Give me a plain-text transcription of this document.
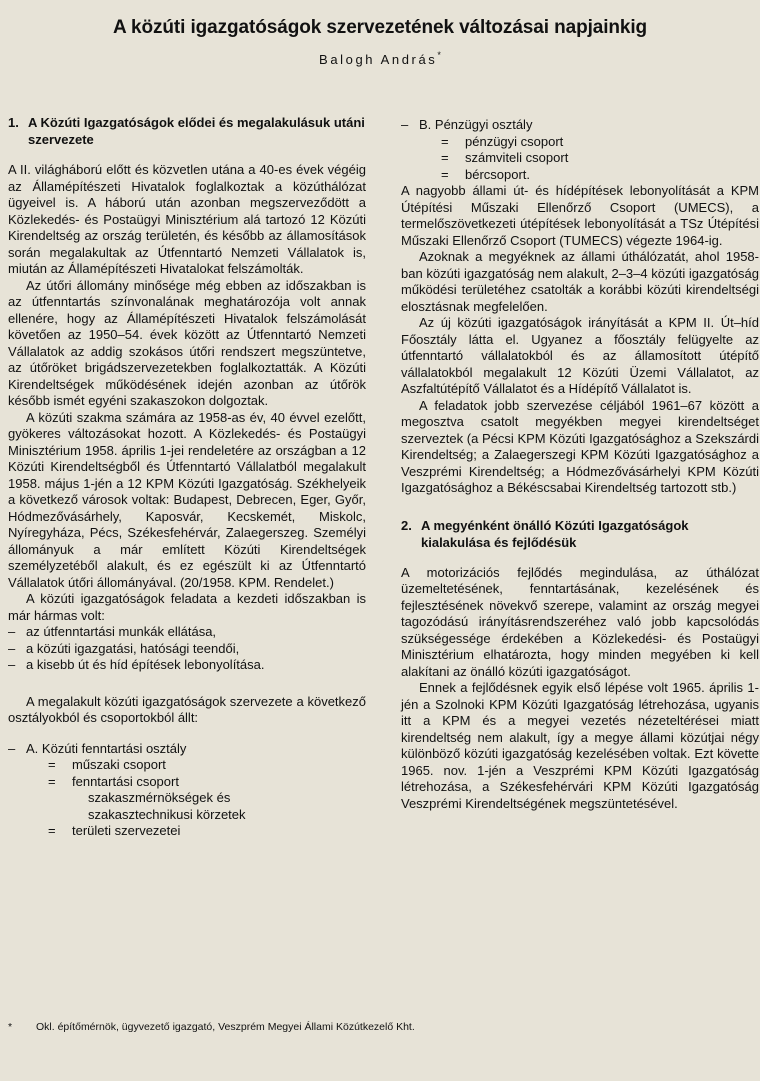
A közúti igazgatóságok szervezetének változásai napjainkig
Balogh András*
1. A Közúti Igazgatóságok elődei és megalakulásuk utáni szervezete

A II. világháború előtt és közvetlen utána a 40-es évek végéig az Államépítészeti Hivatalok foglalkoztak a közúthálózat ügyeivel is. A háború után azonban megszerveződött a Közlekedés- és Postaügyi Minisztérium alá tartozó 12 Közúti Kirendeltség az ország területén, és később az államosítások során megalakultak az Útfenntartó Nemzeti Vállalatok is, miután az Államépítészeti Hivatalokat felszámolták.

Az útőri állomány minősége még ebben az időszakban is az útfenntartás színvonalának meghatározója volt annak ellenére, hogy az Államépítészeti Hivatalok felszámolását követően az 1950–54. évek között az Útfenntartó Nemzeti Vállalatok az addig szokásos útőri rendszert megszüntetve, az útőröket brigádszervezetekben foglalkoztatták. A Közúti Kirendeltségek működésének idején azonban az útőrök később ismét egyéni szakaszokon dolgoztak.

A közúti szakma számára az 1958-as év, 40 évvel ezelőtt, gyökeres változásokat hozott. A Közlekedés- és Postaügyi Minisztérium 1958. április 1-jei rendeletére az országban a 12 Közúti Kirendeltségből és Útfenntartó Vállalatból megalakult 1958. május 1-jén a 12 KPM Közúti Igazgatóság. Székhelyeik a következő városok voltak: Budapest, Debrecen, Eger, Győr, Hódmezővásárhely, Kaposvár, Kecskemét, Miskolc, Nyíregyháza, Pécs, Székesfehérvár, Zalaegerszeg. Személyi állományuk a már említett Közúti Kirendeltségek személyzetéből alakult, és ez egészült ki az Útfenntartó Vállalatok útőri állományával. (20/1958. KPM. Rendelet.)

A közúti igazgatóságok feladata a kezdeti időszakban is már hármas volt:

– az útfenntartási munkák ellátása,
– a közúti igazgatási, hatósági teendői,
– a kisebb út és híd építések lebonyolítása.

A megalakult közúti igazgatóságok szervezete a következő osztályokból és csoportokból állt:

– A. Közúti fenntartási osztály
= műszaki csoport
= fenntartási csoport
szakaszmérnökségek és
szakasztechnikusi körzetek
= területi szervezetei
– B. Pénzügyi osztály
= pénzügyi csoport
= számviteli csoport
= bércsoport.

A nagyobb állami út- és hídépítések lebonyolítását a KPM Útépítési Műszaki Ellenőrző Csoport (UMECS), a termelőszövetkezeti útépítések lebonyolítását a TSz Útépítési Műszaki Ellenőrző Csoport (TUMECS) végezte 1964-ig.

Azoknak a megyéknek az állami úthálózatát, ahol 1958-ban közúti igazgatóság nem alakult, 2–3–4 közúti igazgatóság működési területéhez csatolták a korábbi közúti kirendeltségi elosztásnak megfelelően.

Az új közúti igazgatóságok irányítását a KPM II. Út–híd Főosztály látta el. Ugyanez a főosztály felügyelte az útfenntartó vállalatokból és az államosított útépítő vállalatokból megalakult 12 Közúti Üzemi Vállalatot, az Aszfaltútépítő Vállalatot és a Hídépítő Vállalatot is.

A feladatok jobb szervezése céljából 1961–67 között a megosztva csatolt megyékben megyei kirendeltséget szerveztek (a Pécsi KPM Közúti Igazgatósághoz a Szekszárdi Kirendeltség; a Zalaegerszegi KPM Közúti Igazgatósághoz a Veszprémi Kirendeltség; a Hódmezővásárhelyi KPM Közúti Igazgatósághoz a Békéscsabai Kirendeltség tartozott stb.)

2. A megyénként önálló Közúti Igazgatóságok kialakulása és fejlődésük

A motorizációs fejlődés megindulása, az úthálózat üzemeltetésének, fenntartásának, kezelésének és fejlesztésének növekvő szerepe, valamint az ország megyei tagozódású irányításrendszeréhez való jobb kapcsolódás szükségessége érdekében a Közlekedési- és Postaügyi Minisztérium elhatározta, hogy minden megyében ki kell alakítani az önálló közúti igazgatóságot.

Ennek a fejlődésnek egyik első lépése volt 1965. április 1-jén a Szolnoki KPM Közúti Igazgatóság létrehozása, ugyanis itt a KPM és a megyei vezetés nézeteltérései miatt kirendeltség nem alakult, így a megye állami közútjai négy különböző közúti igazgatóság kezelésében voltak. Ezt követte 1965. nov. 1-jén a Veszprémi KPM Közúti Igazgatóság létrehozása, a Székesfehérvári KPM Közúti Igazgatóság Veszprémi Kirendeltségének megszüntetésével.

* Okl. építőmérnök, ügyvezető igazgató, Veszprém Megyei Állami Közútkezelő Kht.
